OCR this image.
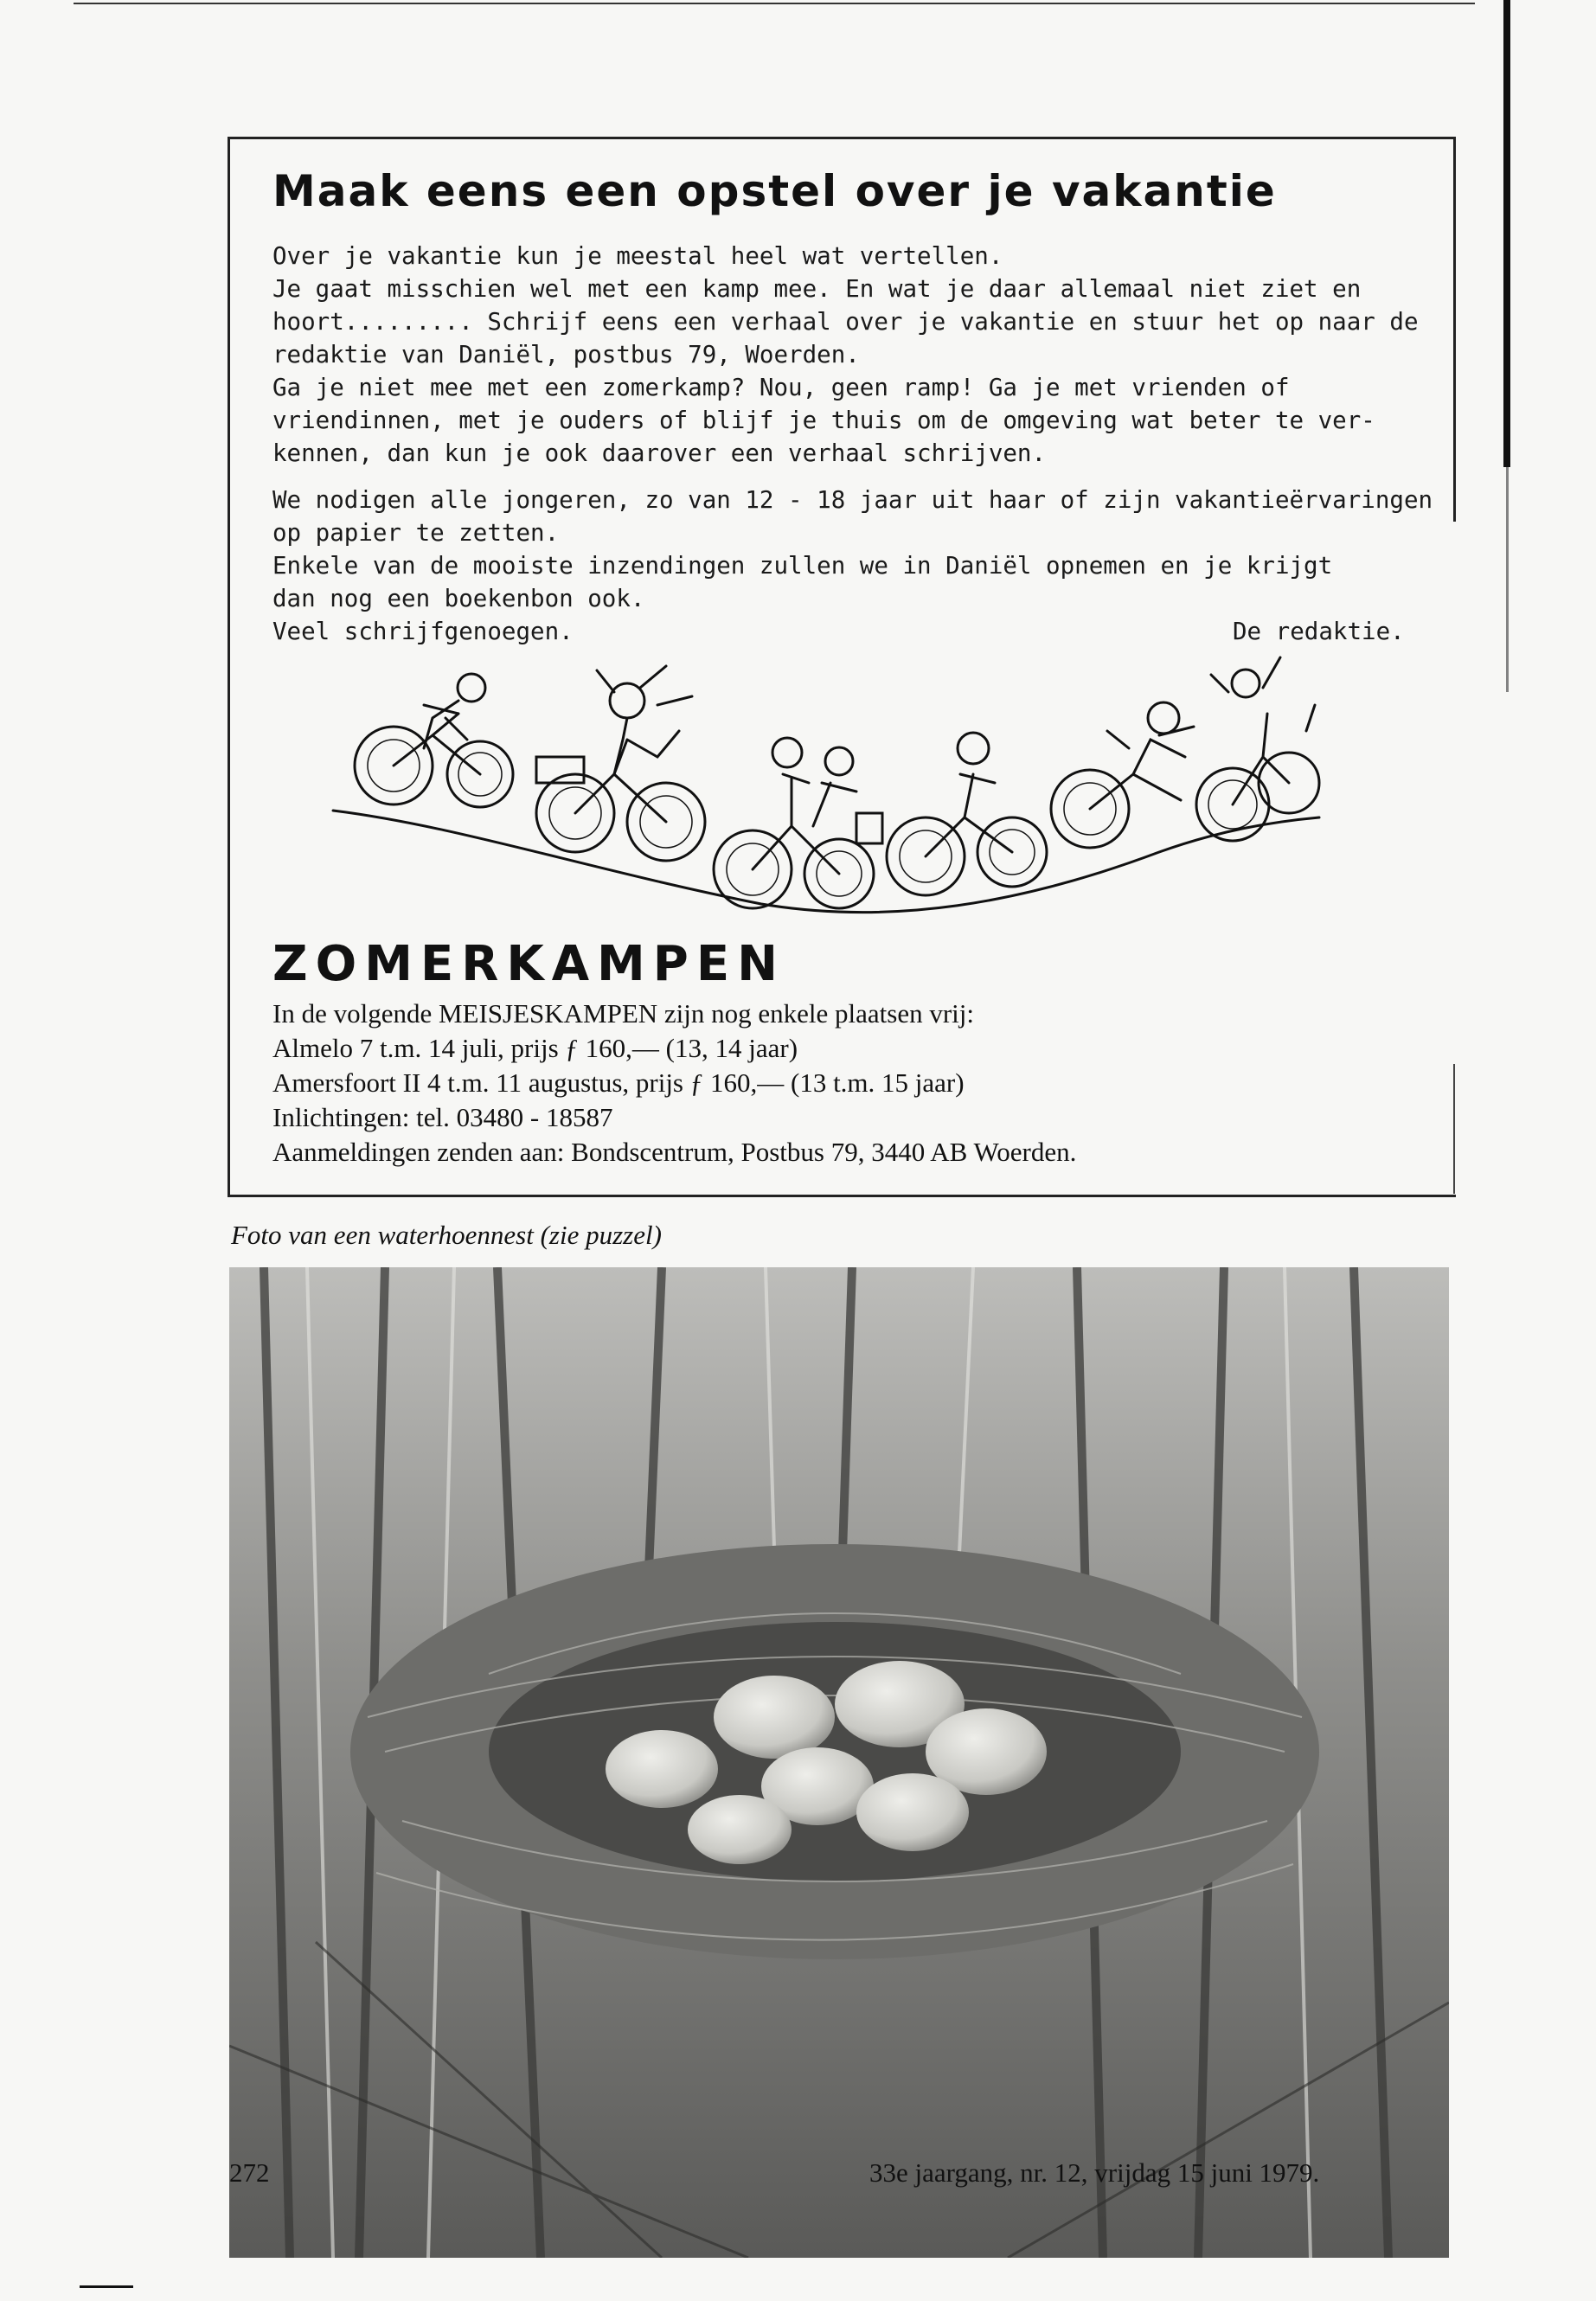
Maak eens een opstel over je vakantie
Over je vakantie kun je meestal heel wat vertellen.
Je gaat misschien wel met een kamp mee. En wat je daar allemaal niet ziet en
hoort......... Schrijf eens een verhaal over je vakantie en stuur het op naar de
redaktie van Daniël, postbus 79, Woerden.
Ga je niet mee met een zomerkamp? Nou, geen ramp! Ga je met vrienden of
vriendinnen, met je ouders of blijf je thuis om de omgeving wat beter te ver-
kennen, dan kun je ook daarover een verhaal schrijven.
We nodigen alle jongeren, zo van 12 - 18 jaar uit haar of zijn vakantieërvaringen
op papier te zetten.
Enkele van de mooiste inzendingen zullen we in Daniël opnemen en je krijgt
dan nog een boekenbon ook.
Veel schrijfgenoegen.	De redaktie.
ZOMERKAMPEN
In de volgende MEISJESKAMPEN zijn nog enkele plaatsen vrij:
Almelo 7 t.m. 14 juli, prijs ƒ 160,— (13, 14 jaar)
Amersfoort II 4 t.m. 11 augustus, prijs ƒ 160,— (13 t.m. 15 jaar)
Inlichtingen: tel. 03480 - 18587
Aanmeldingen zenden aan: Bondscentrum, Postbus 79, 3440 AB Woerden.
Foto van een waterhoennest (zie puzzel)
272	33e jaargang, nr. 12, vrijdag 15 juni 1979.
